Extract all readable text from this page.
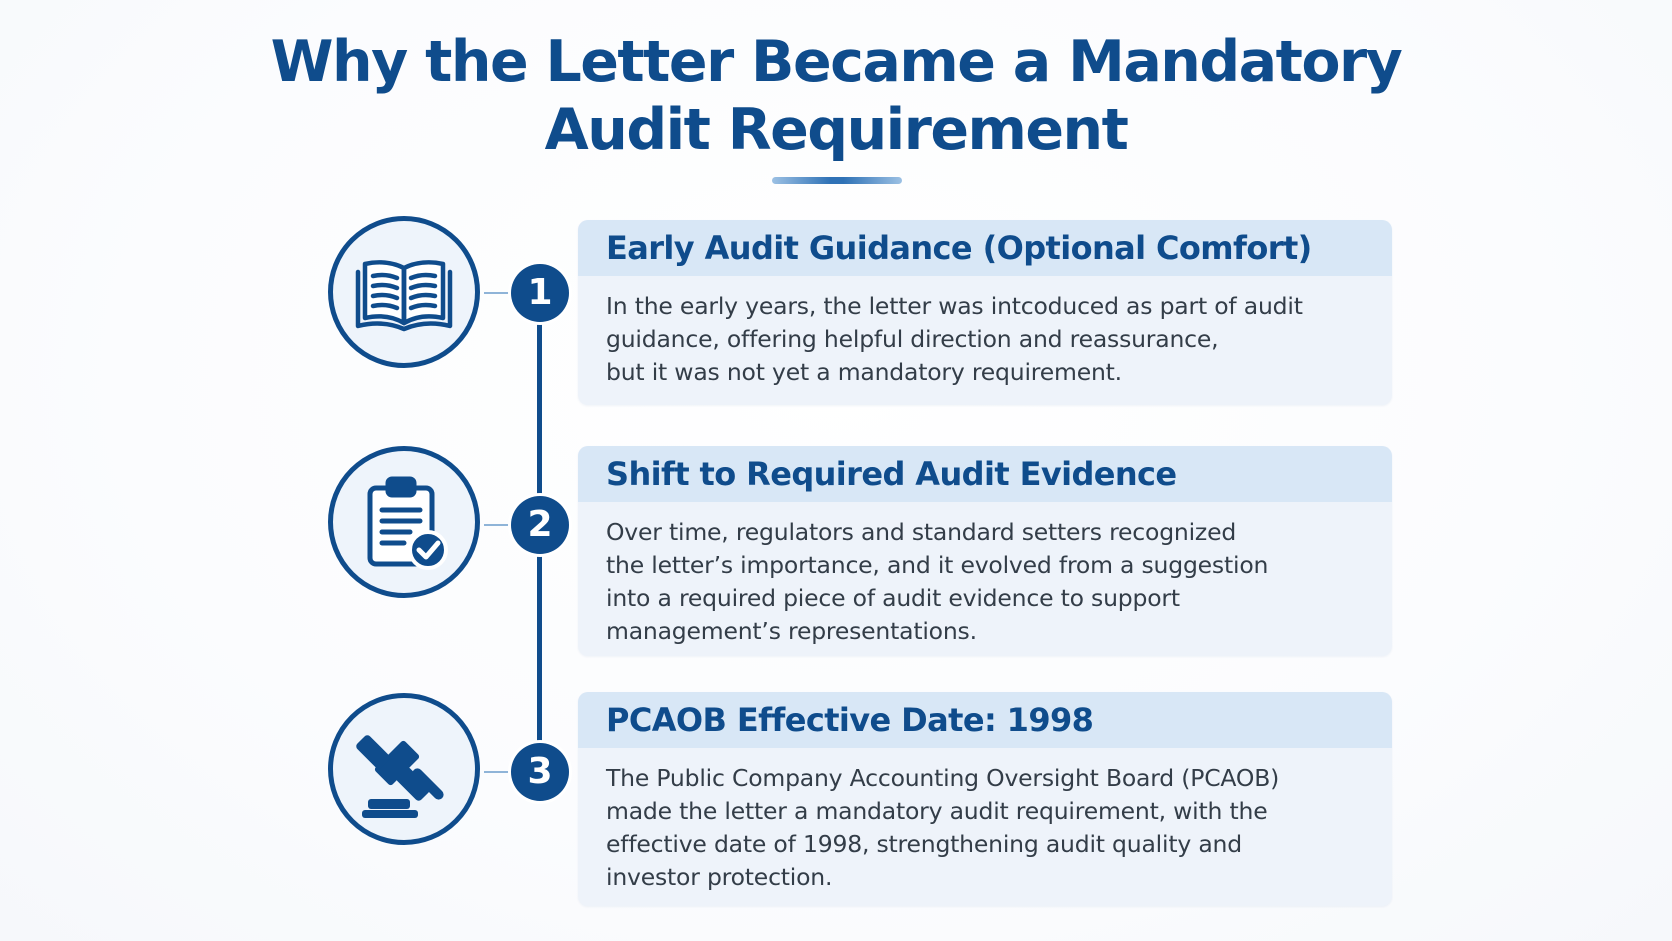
Why the Letter Became a Mandatory
Audit Requirement
1
2
3
Early Audit Guidance (Optional Comfort)
In the early years, the letter was intcoduced as part of audit
guidance, offering helpful direction and reassurance,
but it was not yet a mandatory requirement.
Shift to Required Audit Evidence
Over time, regulators and standard setters recognized
the letter’s importance, and it evolved from a suggestion
into a required piece of audit evidence to support
management’s representations.
PCAOB Effective Date: 1998
The Public Company Accounting Oversight Board (PCAOB)
made the letter a mandatory audit requirement, with the
effective date of 1998, strengthening audit quality and
investor protection.
